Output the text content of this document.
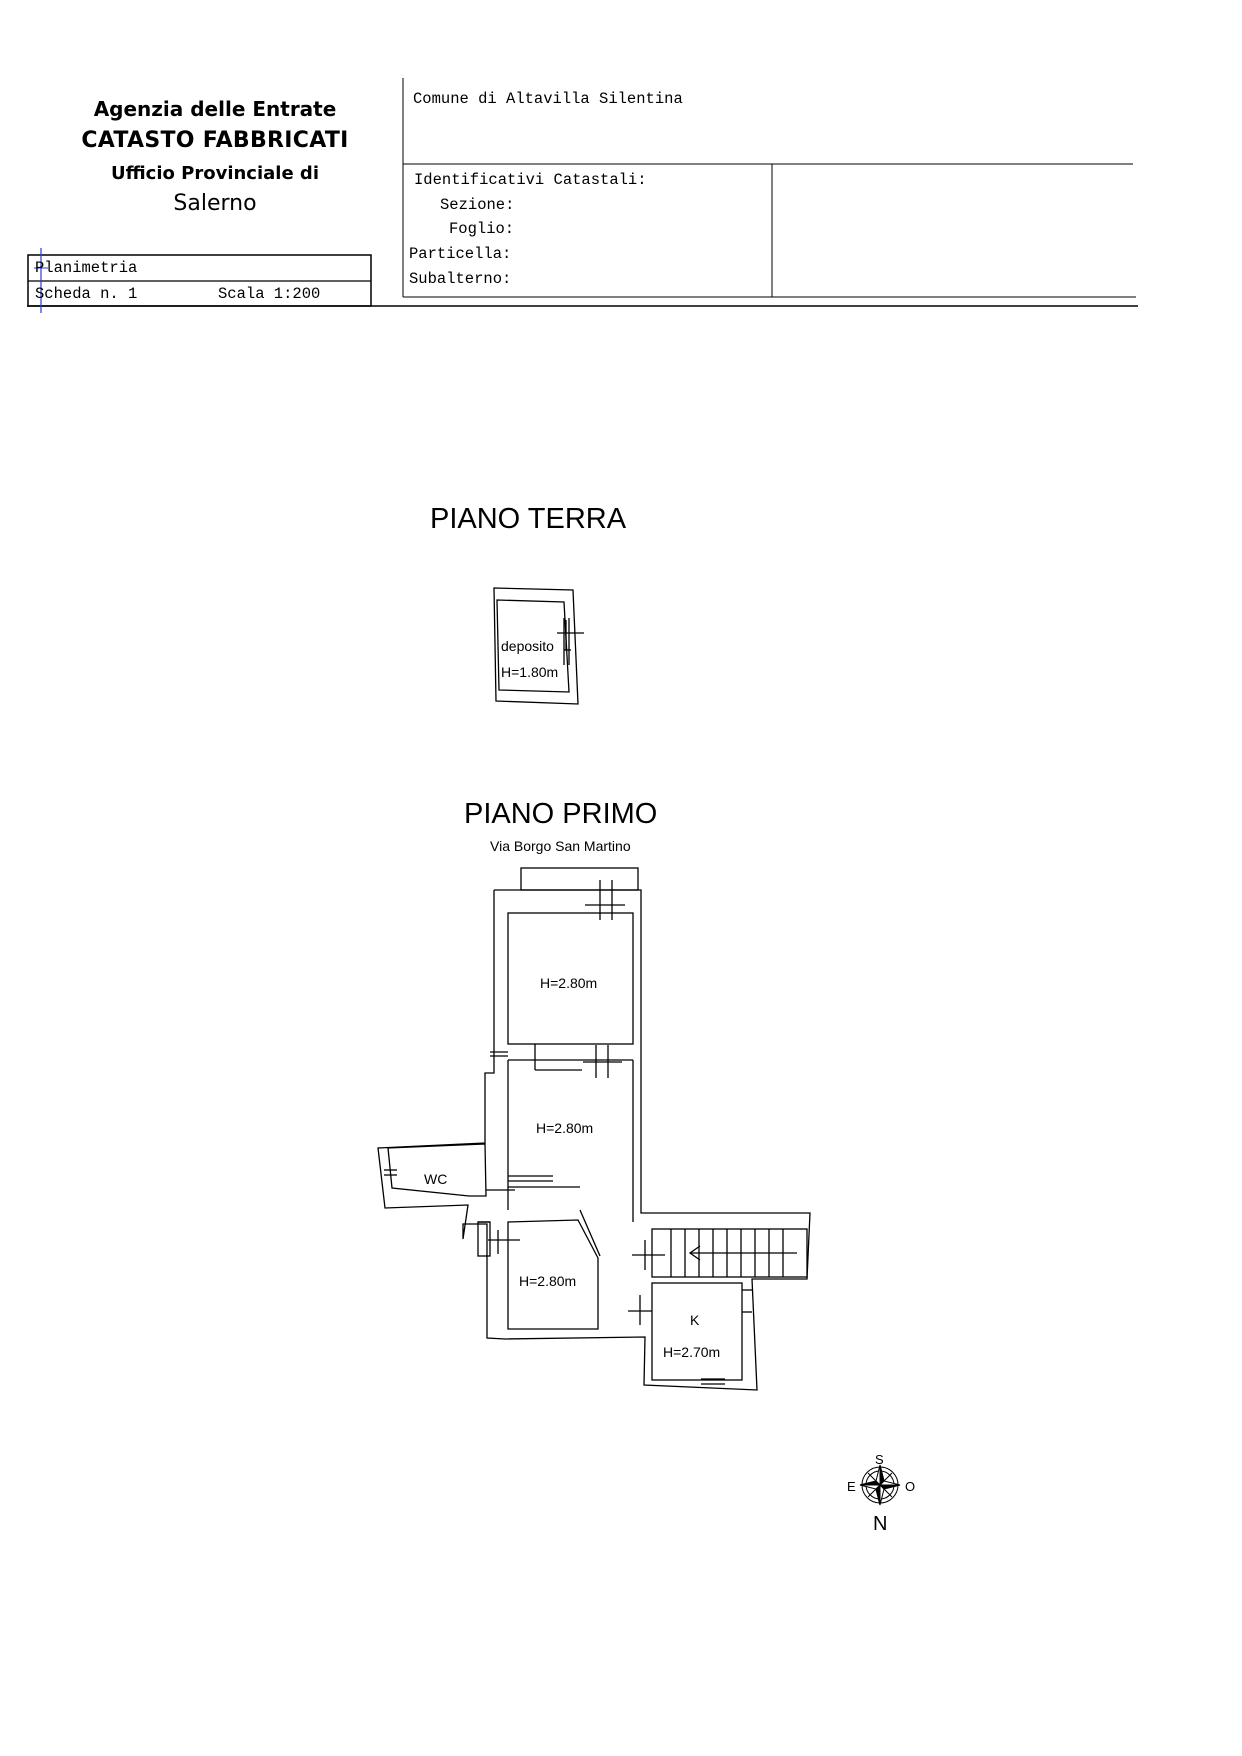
Agenzia delle Entrate
CATASTO FABBRICATI
Ufficio Provinciale di
Salerno
Comune di Altavilla Silentina
Identificativi Catastali:
Sezione:
Foglio:
Particella:
Subalterno:
Planimetria
Scheda n. 1	Scala 1:200
PIANO TERRA
PIANO PRIMO
Via Borgo San Martino
deposito
H=1.80m
H=2.80m
H=2.80m
WC
H=2.80m
K
H=2.70m
S
E	O
N
